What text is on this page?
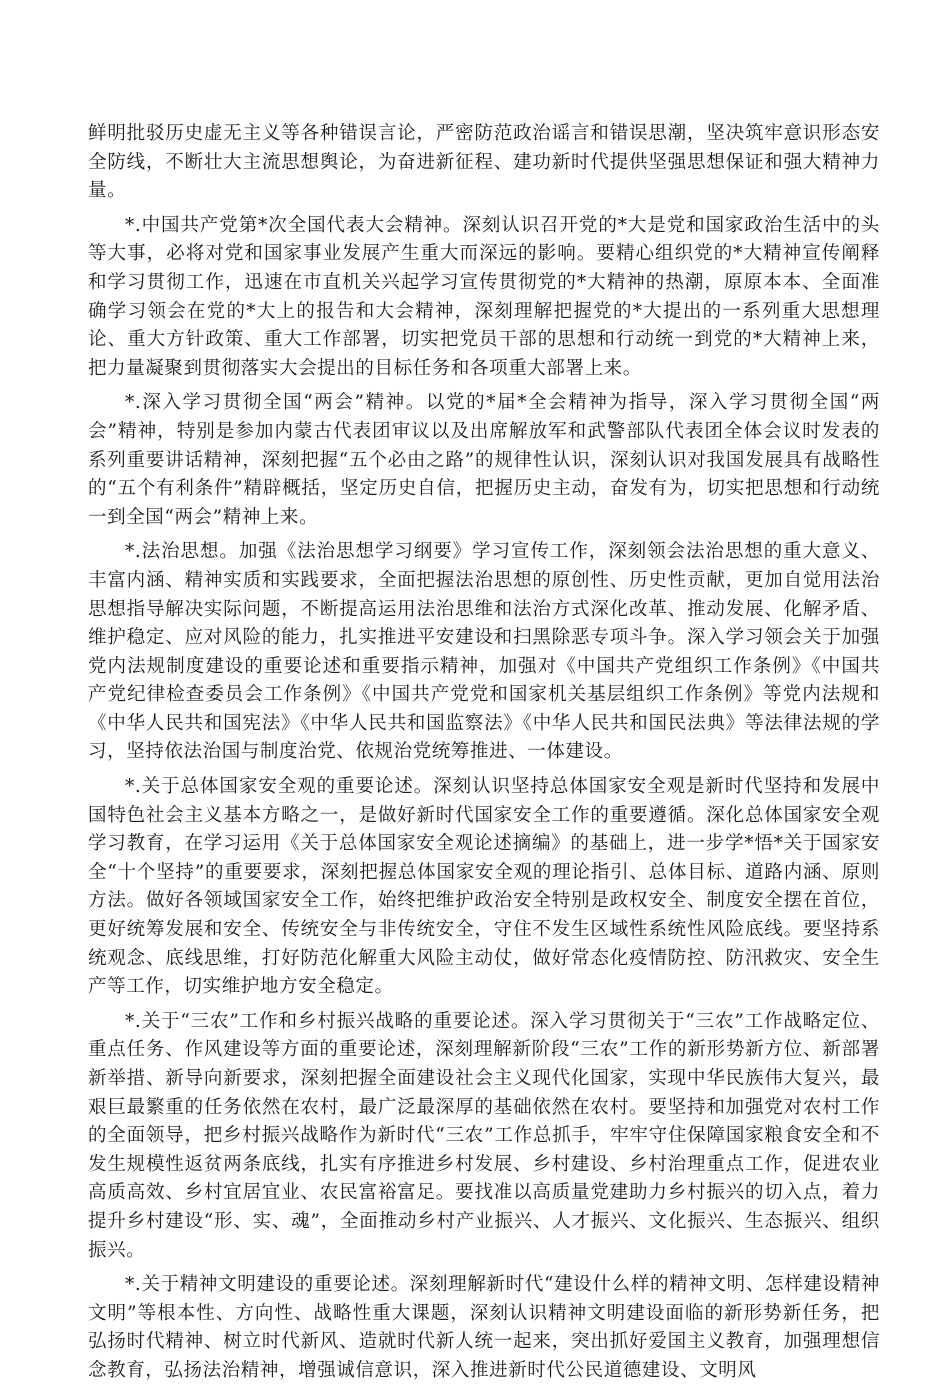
鲜明批驳历史虚无主义等各种错误言论，严密防范政治谣言和错误思潮，坚决筑牢意识形态安全防线，不断壮大主流思想舆论，为奋进新征程、建功新时代提供坚强思想保证和强大精神力量。

*.中国共产党第*次全国代表大会精神。深刻认识召开党的*大是党和国家政治生活中的头等大事，必将对党和国家事业发展产生重大而深远的影响。要精心组织党的*大精神宣传阐释和学习贯彻工作，迅速在市直机关兴起学习宣传贯彻党的*大精神的热潮，原原本本、全面准确学习领会在党的*大上的报告和大会精神，深刻理解把握党的*大提出的一系列重大思想理论、重大方针政策、重大工作部署，切实把党员干部的思想和行动统一到党的*大精神上来，把力量凝聚到贯彻落实大会提出的目标任务和各项重大部署上来。

*.深入学习贯彻全国“两会”精神。以党的*届*全会精神为指导，深入学习贯彻全国“两会”精神，特别是参加内蒙古代表团审议以及出席解放军和武警部队代表团全体会议时发表的系列重要讲话精神，深刻把握“五个必由之路”的规律性认识，深刻认识对我国发展具有战略性的“五个有利条件”精辟概括，坚定历史自信，把握历史主动，奋发有为，切实把思想和行动统一到全国“两会”精神上来。

*.法治思想。加强《法治思想学习纲要》学习宣传工作，深刻领会法治思想的重大意义、丰富内涵、精神实质和实践要求，全面把握法治思想的原创性、历史性贡献，更加自觉用法治思想指导解决实际问题，不断提高运用法治思维和法治方式深化改革、推动发展、化解矛盾、维护稳定、应对风险的能力，扎实推进平安建设和扫黑除恶专项斗争。深入学习领会关于加强党内法规制度建设的重要论述和重要指示精神，加强对《中国共产党组织工作条例》《中国共产党纪律检查委员会工作条例》《中国共产党党和国家机关基层组织工作条例》等党内法规和《中华人民共和国宪法》《中华人民共和国监察法》《中华人民共和国民法典》等法律法规的学习，坚持依法治国与制度治党、依规治党统筹推进、一体建设。

*.关于总体国家安全观的重要论述。深刻认识坚持总体国家安全观是新时代坚持和发展中国特色社会主义基本方略之一，是做好新时代国家安全工作的重要遵循。深化总体国家安全观学习教育，在学习运用《关于总体国家安全观论述摘编》的基础上，进一步学*悟*关于国家安全“十个坚持”的重要要求，深刻把握总体国家安全观的理论指引、总体目标、道路内涵、原则方法。做好各领域国家安全工作，始终把维护政治安全特别是政权安全、制度安全摆在首位，更好统筹发展和安全、传统安全与非传统安全，守住不发生区域性系统性风险底线。要坚持系统观念、底线思维，打好防范化解重大风险主动仗，做好常态化疫情防控、防汛救灾、安全生产等工作，切实维护地方安全稳定。

*.关于“三农”工作和乡村振兴战略的重要论述。深入学习贯彻关于“三农”工作战略定位、重点任务、作风建设等方面的重要论述，深刻理解新阶段“三农”工作的新形势新方位、新部署新举措、新导向新要求，深刻把握全面建设社会主义现代化国家，实现中华民族伟大复兴，最艰巨最繁重的任务依然在农村，最广泛最深厚的基础依然在农村。要坚持和加强党对农村工作的全面领导，把乡村振兴战略作为新时代“三农”工作总抓手，牢牢守住保障国家粮食安全和不发生规模性返贫两条底线，扎实有序推进乡村发展、乡村建设、乡村治理重点工作，促进农业高质高效、乡村宜居宜业、农民富裕富足。要找准以高质量党建助力乡村振兴的切入点，着力提升乡村建设“形、实、魂”，全面推动乡村产业振兴、人才振兴、文化振兴、生态振兴、组织振兴。

*.关于精神文明建设的重要论述。深刻理解新时代“建设什么样的精神文明、怎样建设精神文明”等根本性、方向性、战略性重大课题，深刻认识精神文明建设面临的新形势新任务，把弘扬时代精神、树立时代新风、造就时代新人统一起来，突出抓好爱国主义教育，加强理想信念教育，弘扬法治精神，增强诚信意识，深入推进新时代公民道德建设、文明风
